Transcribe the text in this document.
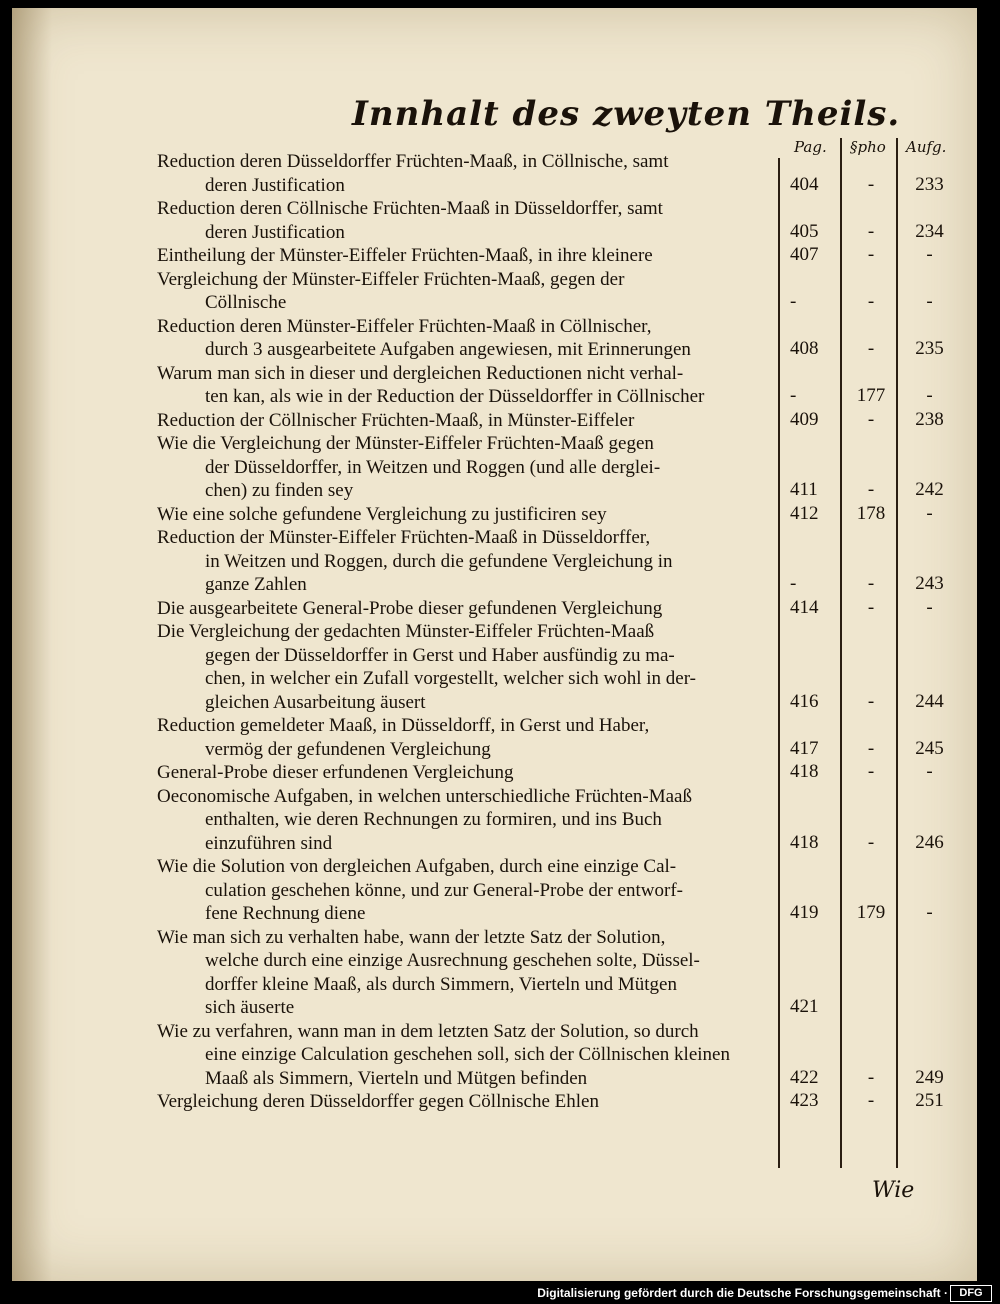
Innhalt des zweyten Theils.
Pag. §pho Aufg.
Reduction deren Düsseldorffer Früchten-Maaß, in Cöllnische, samt
deren Justification	404	-	233
Reduction deren Cöllnische Früchten-Maaß in Düsseldorffer, samt
deren Justification	405	-	234
Eintheilung der Münster-Eiffeler Früchten-Maaß, in ihre kleinere	407	-	-
Vergleichung der Münster-Eiffeler Früchten-Maaß, gegen der
Cöllnische	-	-	-
Reduction deren Münster-Eiffeler Früchten-Maaß in Cöllnischer,
durch 3 ausgearbeitete Aufgaben angewiesen, mit Erinnerungen	408	-	235
Warum man sich in dieser und dergleichen Reductionen nicht verhal-
ten kan, als wie in der Reduction der Düsseldorffer in Cöllnischer	-	177	-
Reduction der Cöllnischer Früchten-Maaß, in Münster-Eiffeler	409	-	238
Wie die Vergleichung der Münster-Eiffeler Früchten-Maaß gegen
der Düsseldorffer, in Weitzen und Roggen (und alle derglei-
chen) zu finden sey	411	-	242
Wie eine solche gefundene Vergleichung zu justificiren sey	412	178	-
Reduction der Münster-Eiffeler Früchten-Maaß in Düsseldorffer,
in Weitzen und Roggen, durch die gefundene Vergleichung in
ganze Zahlen	-	-	243
Die ausgearbeitete General-Probe dieser gefundenen Vergleichung	414	-	-
Die Vergleichung der gedachten Münster-Eiffeler Früchten-Maaß
gegen der Düsseldorffer in Gerst und Haber ausfündig zu ma-
chen, in welcher ein Zufall vorgestellt, welcher sich wohl in der-
gleichen Ausarbeitung äusert	416	-	244
Reduction gemeldeter Maaß, in Düsseldorff, in Gerst und Haber,
vermög der gefundenen Vergleichung	417	-	245
General-Probe dieser erfundenen Vergleichung	418	-	-
Oeconomische Aufgaben, in welchen unterschiedliche Früchten-Maaß
enthalten, wie deren Rechnungen zu formiren, und ins Buch
einzuführen sind	418	-	246
Wie die Solution von dergleichen Aufgaben, durch eine einzige Cal-
culation geschehen könne, und zur General-Probe der entworf-
fene Rechnung diene	419	179	-
Wie man sich zu verhalten habe, wann der letzte Satz der Solution,
welche durch eine einzige Ausrechnung geschehen solte, Düssel-
dorffer kleine Maaß, als durch Simmern, Vierteln und Mütgen
sich äuserte	421
Wie zu verfahren, wann man in dem letzten Satz der Solution, so durch
eine einzige Calculation geschehen soll, sich der Cöllnischen kleinen
Maaß als Simmern, Vierteln und Mütgen befinden	422	-	249
Vergleichung deren Düsseldorffer gegen Cöllnische Ehlen	423	-	251
Wie
Digitalisierung gefördert durch die Deutsche Forschungsgemeinschaft ·	DFG
